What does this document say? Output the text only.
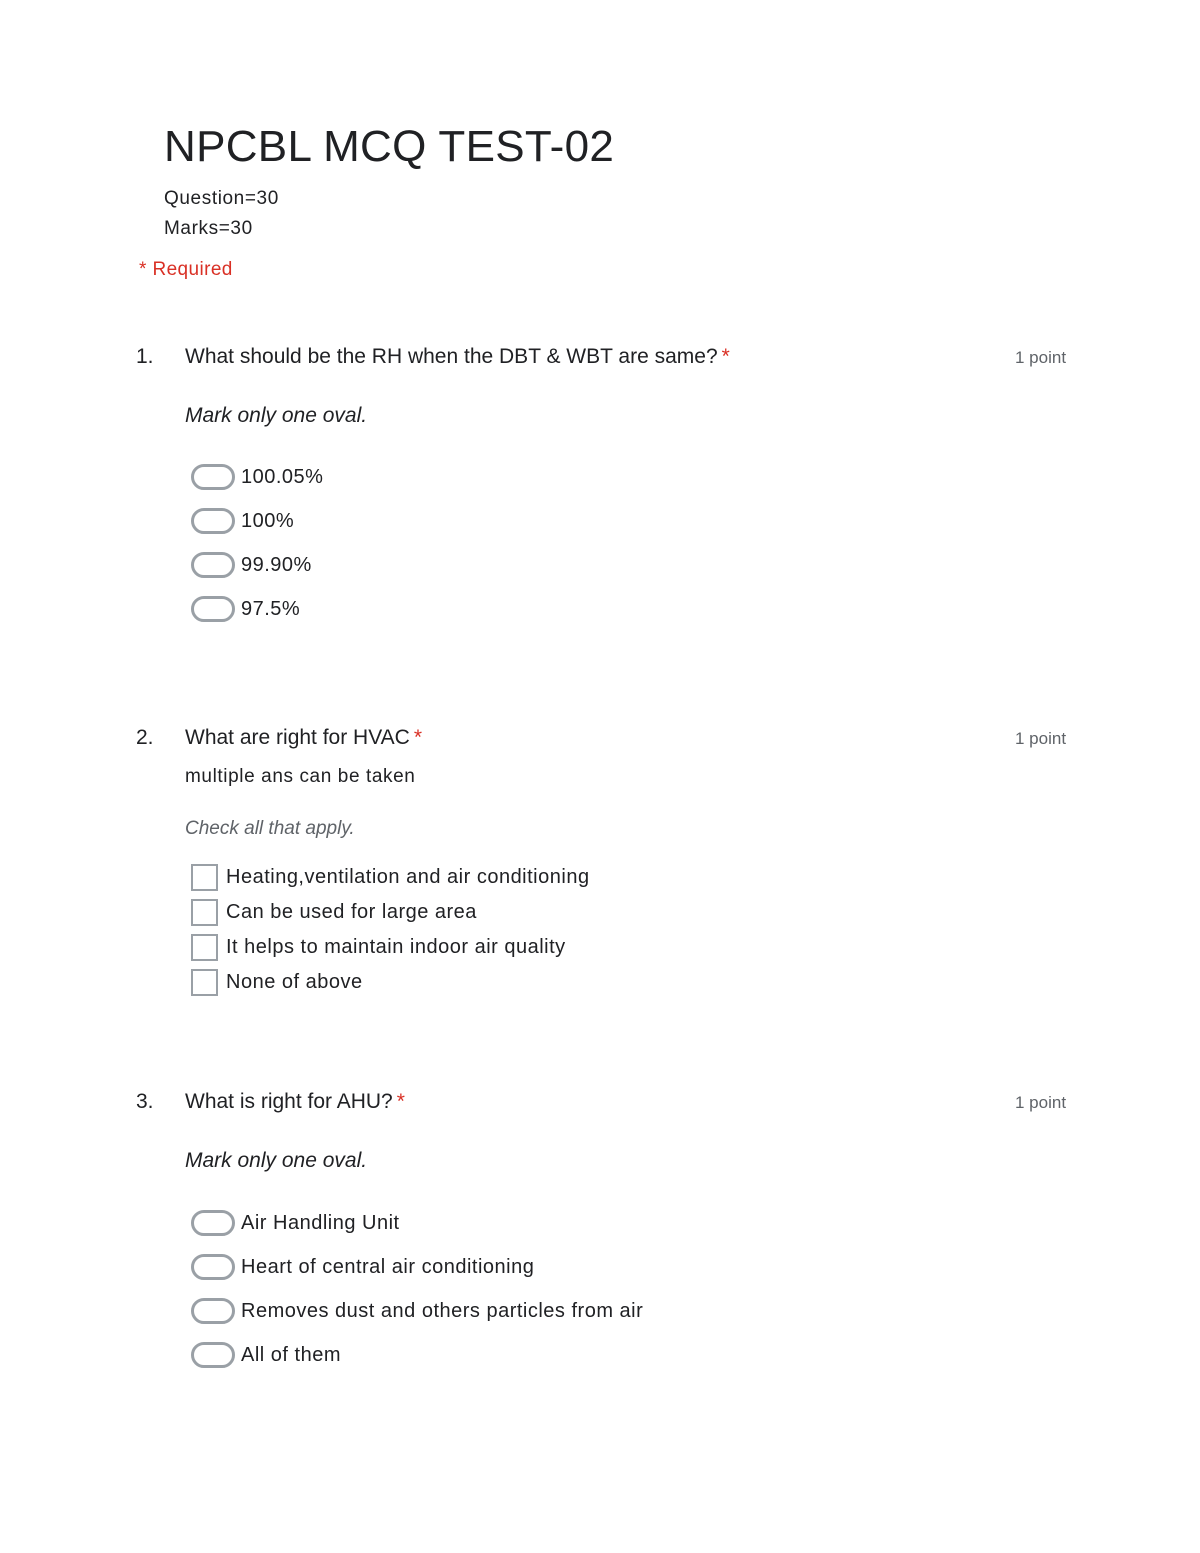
NPCBL MCQ TEST-02
Question=30
Marks=30
* Required
1. What should be the RH when the DBT & WBT are same? *	1 point
Mark only one oval.
100.05%
100%
99.90%
97.5%
2. What are right for HVAC *	1 point
multiple ans can be taken
Check all that apply.
Heating,ventilation and air conditioning
Can be used for large area
It helps to maintain indoor air quality
None of above
3. What is right for AHU? *	1 point
Mark only one oval.
Air Handling Unit
Heart of central air conditioning
Removes dust and others particles from air
All of them
